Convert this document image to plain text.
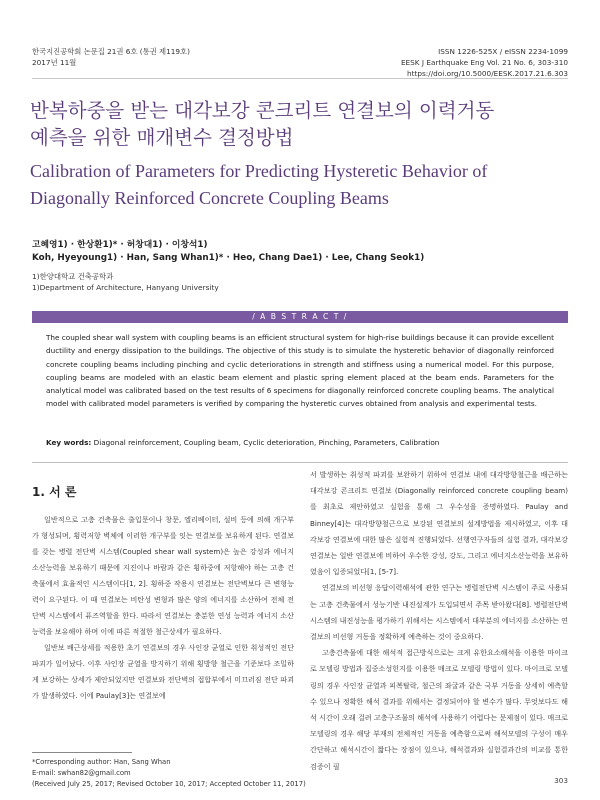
한국지진공학회 논문집 21권 6호 (통권 제119호)
2017년 11월
ISSN 1226-525X / eISSN 2234-1099
EESK J Earthquake Eng Vol. 21 No. 6, 303-310
https://doi.org/10.5000/EESK.2017.21.6.303
반복하중을 받는 대각보강 콘크리트 연결보의 이력거동
예측을 위한 매개변수 결정방법
Calibration of Parameters for Predicting Hysteretic Behavior of
Diagonally Reinforced Concrete Coupling Beams
고혜영1) · 한상환1)* · 허창대1) · 이창석1)
Koh, Hyeyoung1) · Han, Sang Whan1)* · Heo, Chang Dae1) · Lee, Chang Seok1)
1)한양대학교 건축공학과
1)Department of Architecture, Hanyang University
/ A B S T R A C T /
The coupled shear wall system with coupling beams is an efficient structural system for high-rise buildings because it can provide excellent ductility and energy dissipation to the buildings. The objective of this study is to simulate the hysteretic behavior of diagonally reinforced concrete coupling beams including pinching and cyclic deteriorations in strength and stiffness using a numerical model. For this purpose, coupling beams are modeled with an elastic beam element and plastic spring element placed at the beam ends. Parameters for the analytical model was calibrated based on the test results of 6 specimens for diagonally reinforced concrete coupling beams. The analytical model with calibrated model parameters is verified by comparing the hysteretic curves obtained from analysis and experimental tests.
Key words: Diagonal reinforcement, Coupling beam, Cyclic deterioration, Pinching, Parameters, Calibration
1. 서 론

일반적으로 고층 건축물은 출입문이나 창문, 엘리베이터, 설비 등에 의해 개구부가 형성되며, 횡력저항 벽체에 이러한 개구부를 잇는 연결보를 보유하게 된다. 연결보를 갖는 병렬 전단벽 시스템(Coupled shear wall system)은 높은 강성과 에너지 소산능력을 보유하기 때문에 지진이나 바람과 같은 횡하중에 저항해야 하는 고층 건축물에서 효율적인 시스템이다[1, 2]. 횡하중 작용시 연결보는 전단벽보다 큰 변형능력이 요구된다. 이 때 연결보는 비탄성 변형과 많은 양의 에너지를 소산하여 전체 전단벽 시스템에서 퓨즈역할을 한다. 따라서 연결보는 충분한 연성 능력과 에너지 소산 능력을 보유해야 하며 이에 따른 적절한 철근상세가 필요하다.

일반보 배근상세를 적용한 초기 연결보의 경우 사인장 균열로 인한 취성적인 전단파괴가 일어났다. 이후 사인장 균열을 방지하기 위해 횡방향 철근을 기준보다 조밀하게 보강하는 상세가 제안되었지만 연결보와 전단벽의 접합부에서 미끄러짐 전단 파괴가 발생하였다. 이에 Paulay[3]는 연결보에

서 발생하는 취성적 파괴를 보완하기 위하여 연결보 내에 대각방향철근을 배근하는 대각보강 콘크리트 연결보 (Diagonally reinforced concrete coupling beam)를 최초로 제안하였고 실험을 통해 그 우수성을 증명하였다. Paulay and Binney[4]는 대각방향철근으로 보강된 연결보의 설계방법을 제시하였고, 이후 대각보강 연결보에 대한 많은 실험적 진행되었다. 선행연구자들의 실험 결과, 대각보강 연결보는 일반 연결보에 비하여 우수한 강성, 강도, 그리고 에너지소산능력을 보유하였음이 입증되었다[1, [5-7].

연결보의 비선형 응답이력해석에 관한 연구는 병렬전단벽 시스템이 주로 사용되는 고층 건축물에서 성능기반 내진설계가 도입되면서 주목 받아왔다[8]. 병렬전단벽 시스템의 내진성능을 평가하기 위해서는 시스템에서 대부분의 에너지를 소산하는 연결보의 비선형 거동을 정확하게 예측하는 것이 중요하다.

고층건축물에 대한 해석적 접근방식으로는 크게 유한요소해석을 이용한 마이크로 모델링 방법과 집중소성힌지를 이용한 매크로 모델링 방법이 있다. 마이크로 모델링의 경우 사인장 균열과 피복탈락, 철근의 좌굴과 같은 국부 거동을 상세히 예측할 수 있으나 정확한 해석 결과를 위해서는 결정되어야 할 변수가 많다. 무엇보다도 해석 시간이 오래 걸려 고층구조물의 해석에 사용하기 어렵다는 문제점이 있다. 매크로 모델링의 경우 해당 부재의 전체적인 거동을 예측함으로써 해석모델의 구성이 매우 간단하고 해석시간이 짧다는 장점이 있으나, 해석결과와 실험결과간의 비교를 통한 검증이 필

*Corresponding author: Han, Sang Whan
E-mail: swhan82@gmail.com
(Received July 25, 2017; Revised October 10, 2017; Accepted October 11, 2017)	303
